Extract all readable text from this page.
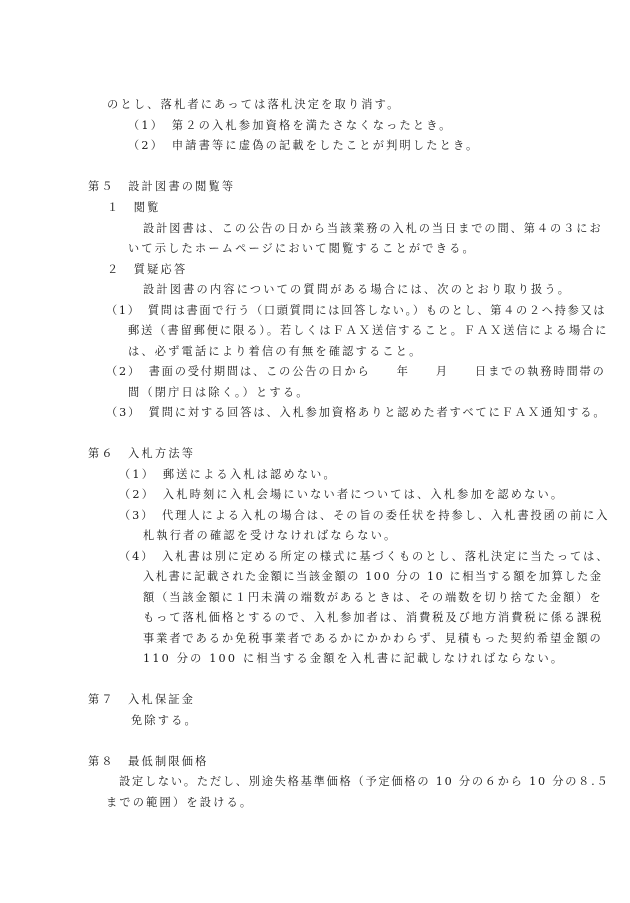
のとし、落札者にあっては落札決定を取り消す。
（1）　第２の入札参加資格を満たさなくなったとき。
（2）　申請書等に虚偽の記載をしたことが判明したとき。
第５　設計図書の閲覧等
１　閲覧
設計図書は、この公告の日から当該業務の入札の当日までの間、第４の３にお
いて示したホームページにおいて閲覧することができる。
２　質疑応答
設計図書の内容についての質問がある場合には、次のとおり取り扱う。
（1）　質問は書面で行う（口頭質問には回答しない。）ものとし、第４の２へ持参又は
郵送（書留郵便に限る）。若しくはＦＡＸ送信すること。ＦＡＸ送信による場合に
は、必ず電話により着信の有無を確認すること。
（2）　書面の受付期間は、この公告の日から　　年　　月　　日までの執務時間帯の
間（閉庁日は除く。）とする。
（3）　質問に対する回答は、入札参加資格ありと認めた者すべてにＦＡＸ通知する。
第６　入札方法等
（1）　郵送による入札は認めない。
（2）　入札時刻に入札会場にいない者については、入札参加を認めない。
（3）　代理人による入札の場合は、その旨の委任状を持参し、入札書投函の前に入
札執行者の確認を受けなければならない。
（4）　入札書は別に定める所定の様式に基づくものとし、落札決定に当たっては、
入札書に記載された金額に当該金額の 100 分の 10 に相当する額を加算した金
額（当該金額に１円未満の端数があるときは、その端数を切り捨てた金額）を
もって落札価格とするので、入札参加者は、消費税及び地方消費税に係る課税
事業者であるか免税事業者であるかにかかわらず、見積もった契約希望金額の
110 分の 100 に相当する金額を入札書に記載しなければならない。
第７　入札保証金
免除する。
第８　最低制限価格
設定しない。ただし、別途失格基準価格（予定価格の 10 分の６から 10 分の８.５
までの範囲）を設ける。
